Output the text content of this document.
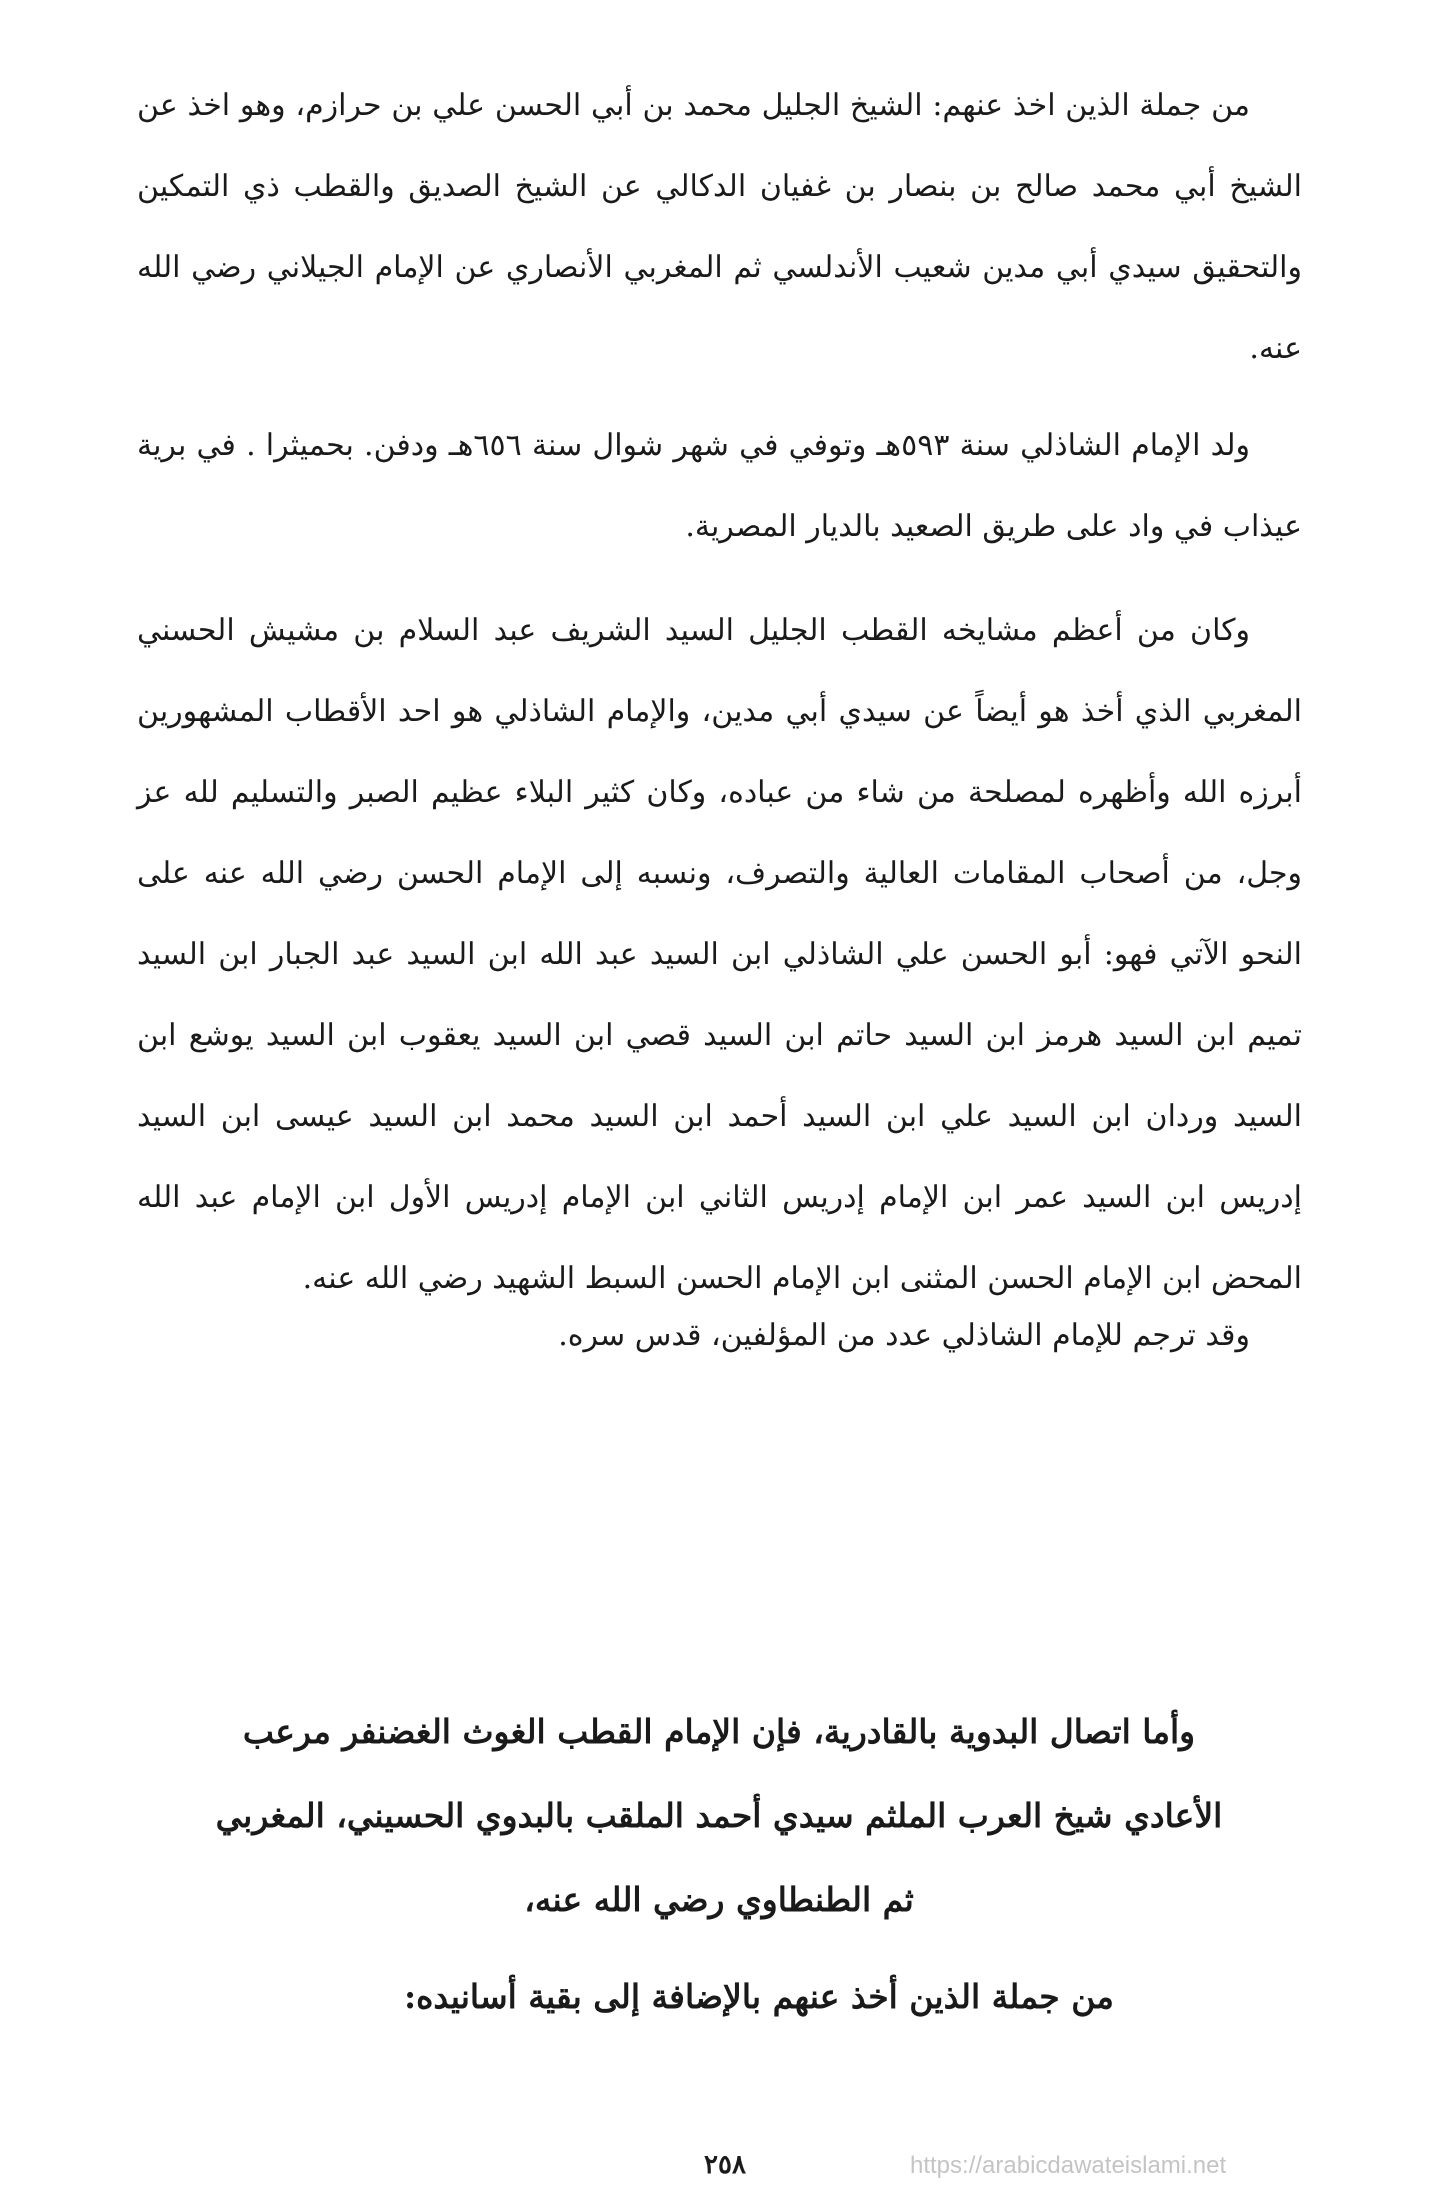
من جملة الذين اخذ عنهم: الشيخ الجليل محمد بن أبي الحسن علي بن حرازم، وهو اخذ عن الشيخ أبي محمد صالح بن بنصار بن غفيان الدكالي عن الشيخ الصديق والقطب ذي التمكين والتحقيق سيدي أبي مدين شعيب الأندلسي ثم المغربي الأنصاري عن الإمام الجيلاني رضي الله عنه.

ولد الإمام الشاذلي سنة ٥٩٣هـ وتوفي في شهر شوال سنة ٦٥٦هـ ودفن. بحميثرا . في برية عيذاب في واد على طريق الصعيد بالديار المصرية.

وكان من أعظم مشايخه القطب الجليل السيد الشريف عبد السلام بن مشيش الحسني المغربي الذي أخذ هو أيضاً عن سيدي أبي مدين، والإمام الشاذلي هو احد الأقطاب المشهورين أبرزه الله وأظهره لمصلحة من شاء من عباده، وكان كثير البلاء عظيم الصبر والتسليم لله عز وجل، من أصحاب المقامات العالية والتصرف، ونسبه إلى الإمام الحسن رضي الله عنه على النحو الآتي فهو: أبو الحسن علي الشاذلي ابن السيد عبد الله ابن السيد عبد الجبار ابن السيد تميم ابن السيد هرمز ابن السيد حاتم ابن السيد قصي ابن السيد يعقوب ابن السيد يوشع ابن السيد وردان ابن السيد علي ابن السيد أحمد ابن السيد محمد ابن السيد عيسى ابن السيد إدريس ابن السيد عمر ابن الإمام إدريس الثاني ابن الإمام إدريس الأول ابن الإمام عبد الله المحض ابن الإمام الحسن المثنى ابن الإمام الحسن السبط الشهيد رضي الله عنه.

وقد ترجم للإمام الشاذلي عدد من المؤلفين، قدس سره.

وأما اتصال البدوية بالقادرية، فإن الإمام القطب الغوث الغضنفر مرعب
الأعادي شيخ العرب الملثم سيدي أحمد الملقب بالبدوي الحسيني، المغربي
ثم الطنطاوي رضي الله عنه،

من جملة الذين أخذ عنهم بالإضافة إلى بقية أسانيده:

٢٥٨	https://arabicdawateislami.net
